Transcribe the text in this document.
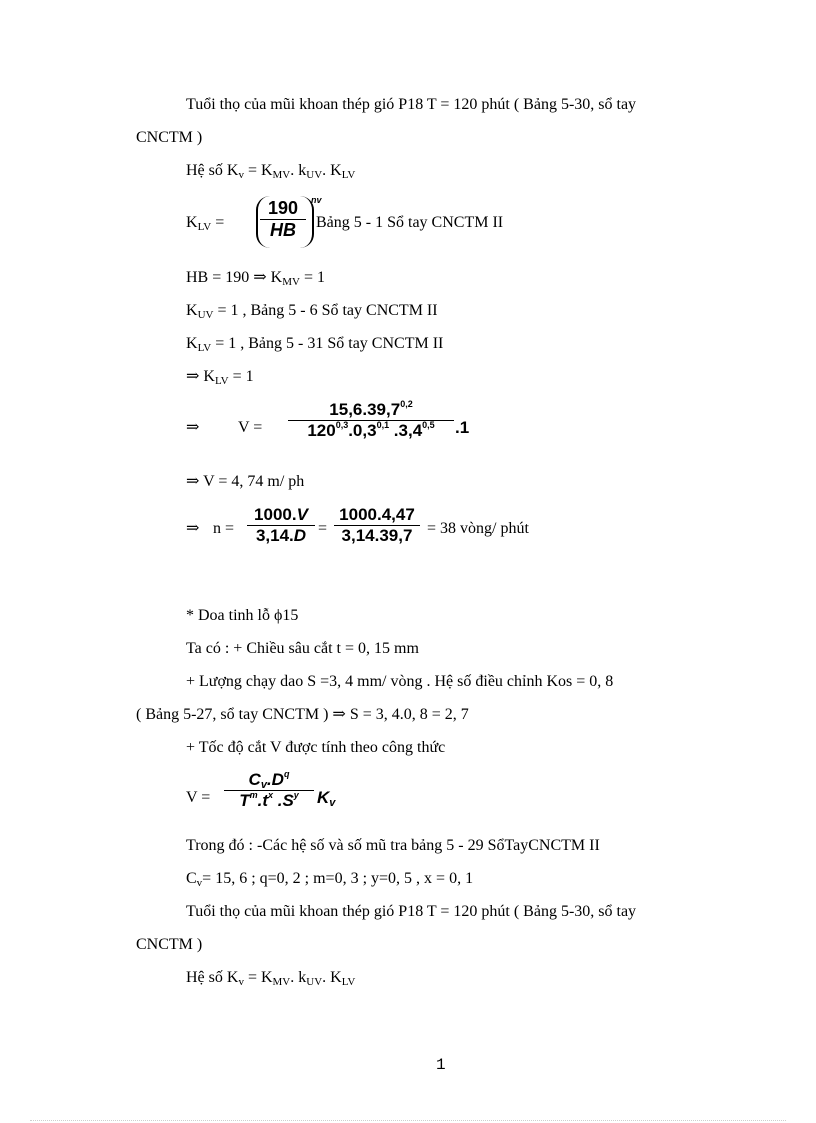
Tuổi thọ của mũi khoan thép gió P18 T = 120 phút ( Bảng 5-30, sổ tay
CNCTM )
Hệ số Kv = KMV. kUV. KLV
KLV =
190
HB
nv
Bảng 5 - 1 Sổ tay CNCTM II
HB = 190 ⇒ KMV = 1
KUV = 1 , Bảng 5 - 6 Sổ tay CNCTM II
KLV = 1 , Bảng 5 - 31 Sổ tay CNCTM II
⇒ KLV = 1
⇒ V =
$15,6.39,7^{0,2}$
120$^{0,3}$.0,3$^{0,1}$ .3,4$^{0,5}$	.1
⇒ V = 4, 74 m/ ph
⇒ n =
1000.V
3,14.D =
1000.4,47
3,14.39,7 = 38 vòng/ phút
* Doa tinh lỗ ϕ15
Ta có : + Chiều sâu cắt t = 0, 15 mm
+ Lượng chạy dao S =3, 4 mm/ vòng . Hệ số điều chỉnh Kos = 0, 8
( Bảng 5-27, sổ tay CNCTM ) ⇒ S = 3, 4.0, 8 = 2, 7
+ Tốc độ cắt V được tính theo công thức
V =
$Cv.D^q$
$T^m.t^x$ $.S^y$	Kv
Trong đó : -Các hệ số và số mũ tra bảng 5 - 29 SổTayCNCTM II
Cv= 15, 6 ; q=0, 2 ; m=0, 3 ; y=0, 5 , x = 0, 1
Tuổi thọ của mũi khoan thép gió P18 T = 120 phút ( Bảng 5-30, sổ tay
CNCTM )
Hệ số Kv = KMV. kUV. KLV
1
